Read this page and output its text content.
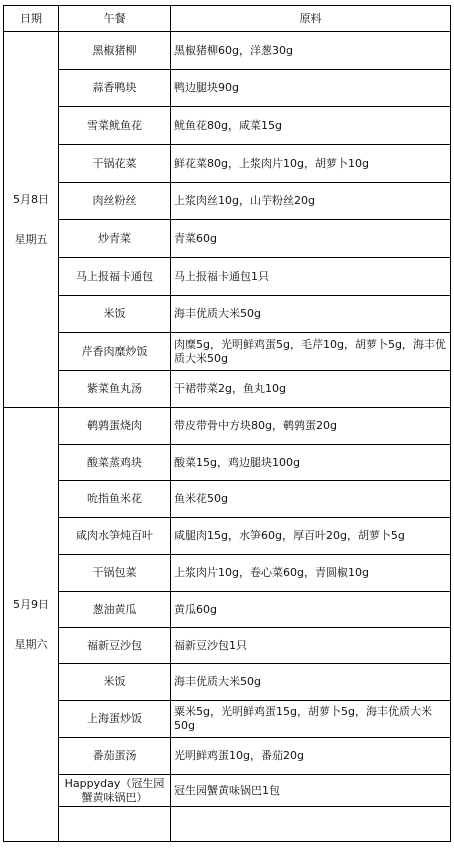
日期	午餐	原料

5月8日
星期五	黑椒猪柳	黑椒猪柳60g，洋葱30g
	蒜香鸭块	鸭边腿块90g
	雪菜鱿鱼花	鱿鱼花80g，咸菜15g
	干锅花菜	鲜花菜80g，上浆肉片10g，胡萝卜10g
	肉丝粉丝	上浆肉丝10g，山芋粉丝20g
	炒青菜	青菜60g
	马上报福卡通包	马上报福卡通包1只
	米饭	海丰优质大米50g
	芹香肉糜炒饭	肉糜5g，光明鲜鸡蛋5g，毛芹10g，胡萝卜5g，海丰优质大米50g
	紫菜鱼丸汤	干裙带菜2g，鱼丸10g

5月9日
星期六	鹌鹑蛋烧肉	带皮带骨中方块80g，鹌鹑蛋20g
	酸菜蒸鸡块	酸菜15g，鸡边腿块100g
	吮指鱼米花	鱼米花50g
	咸肉水笋炖百叶	咸腿肉15g，水笋60g，厚百叶20g，胡萝卜5g
	干锅包菜	上浆肉片10g，卷心菜60g，青圆椒10g
	葱油黄瓜	黄瓜60g
	福新豆沙包	福新豆沙包1只
	米饭	海丰优质大米50g
	上海蛋炒饭	粟米5g，光明鲜鸡蛋15g，胡萝卜5g，海丰优质大米50g
	番茄蛋汤	光明鲜鸡蛋10g，番茄20g
	Happyday（冠生园蟹黄味锅巴）	冠生园蟹黄味锅巴1包
